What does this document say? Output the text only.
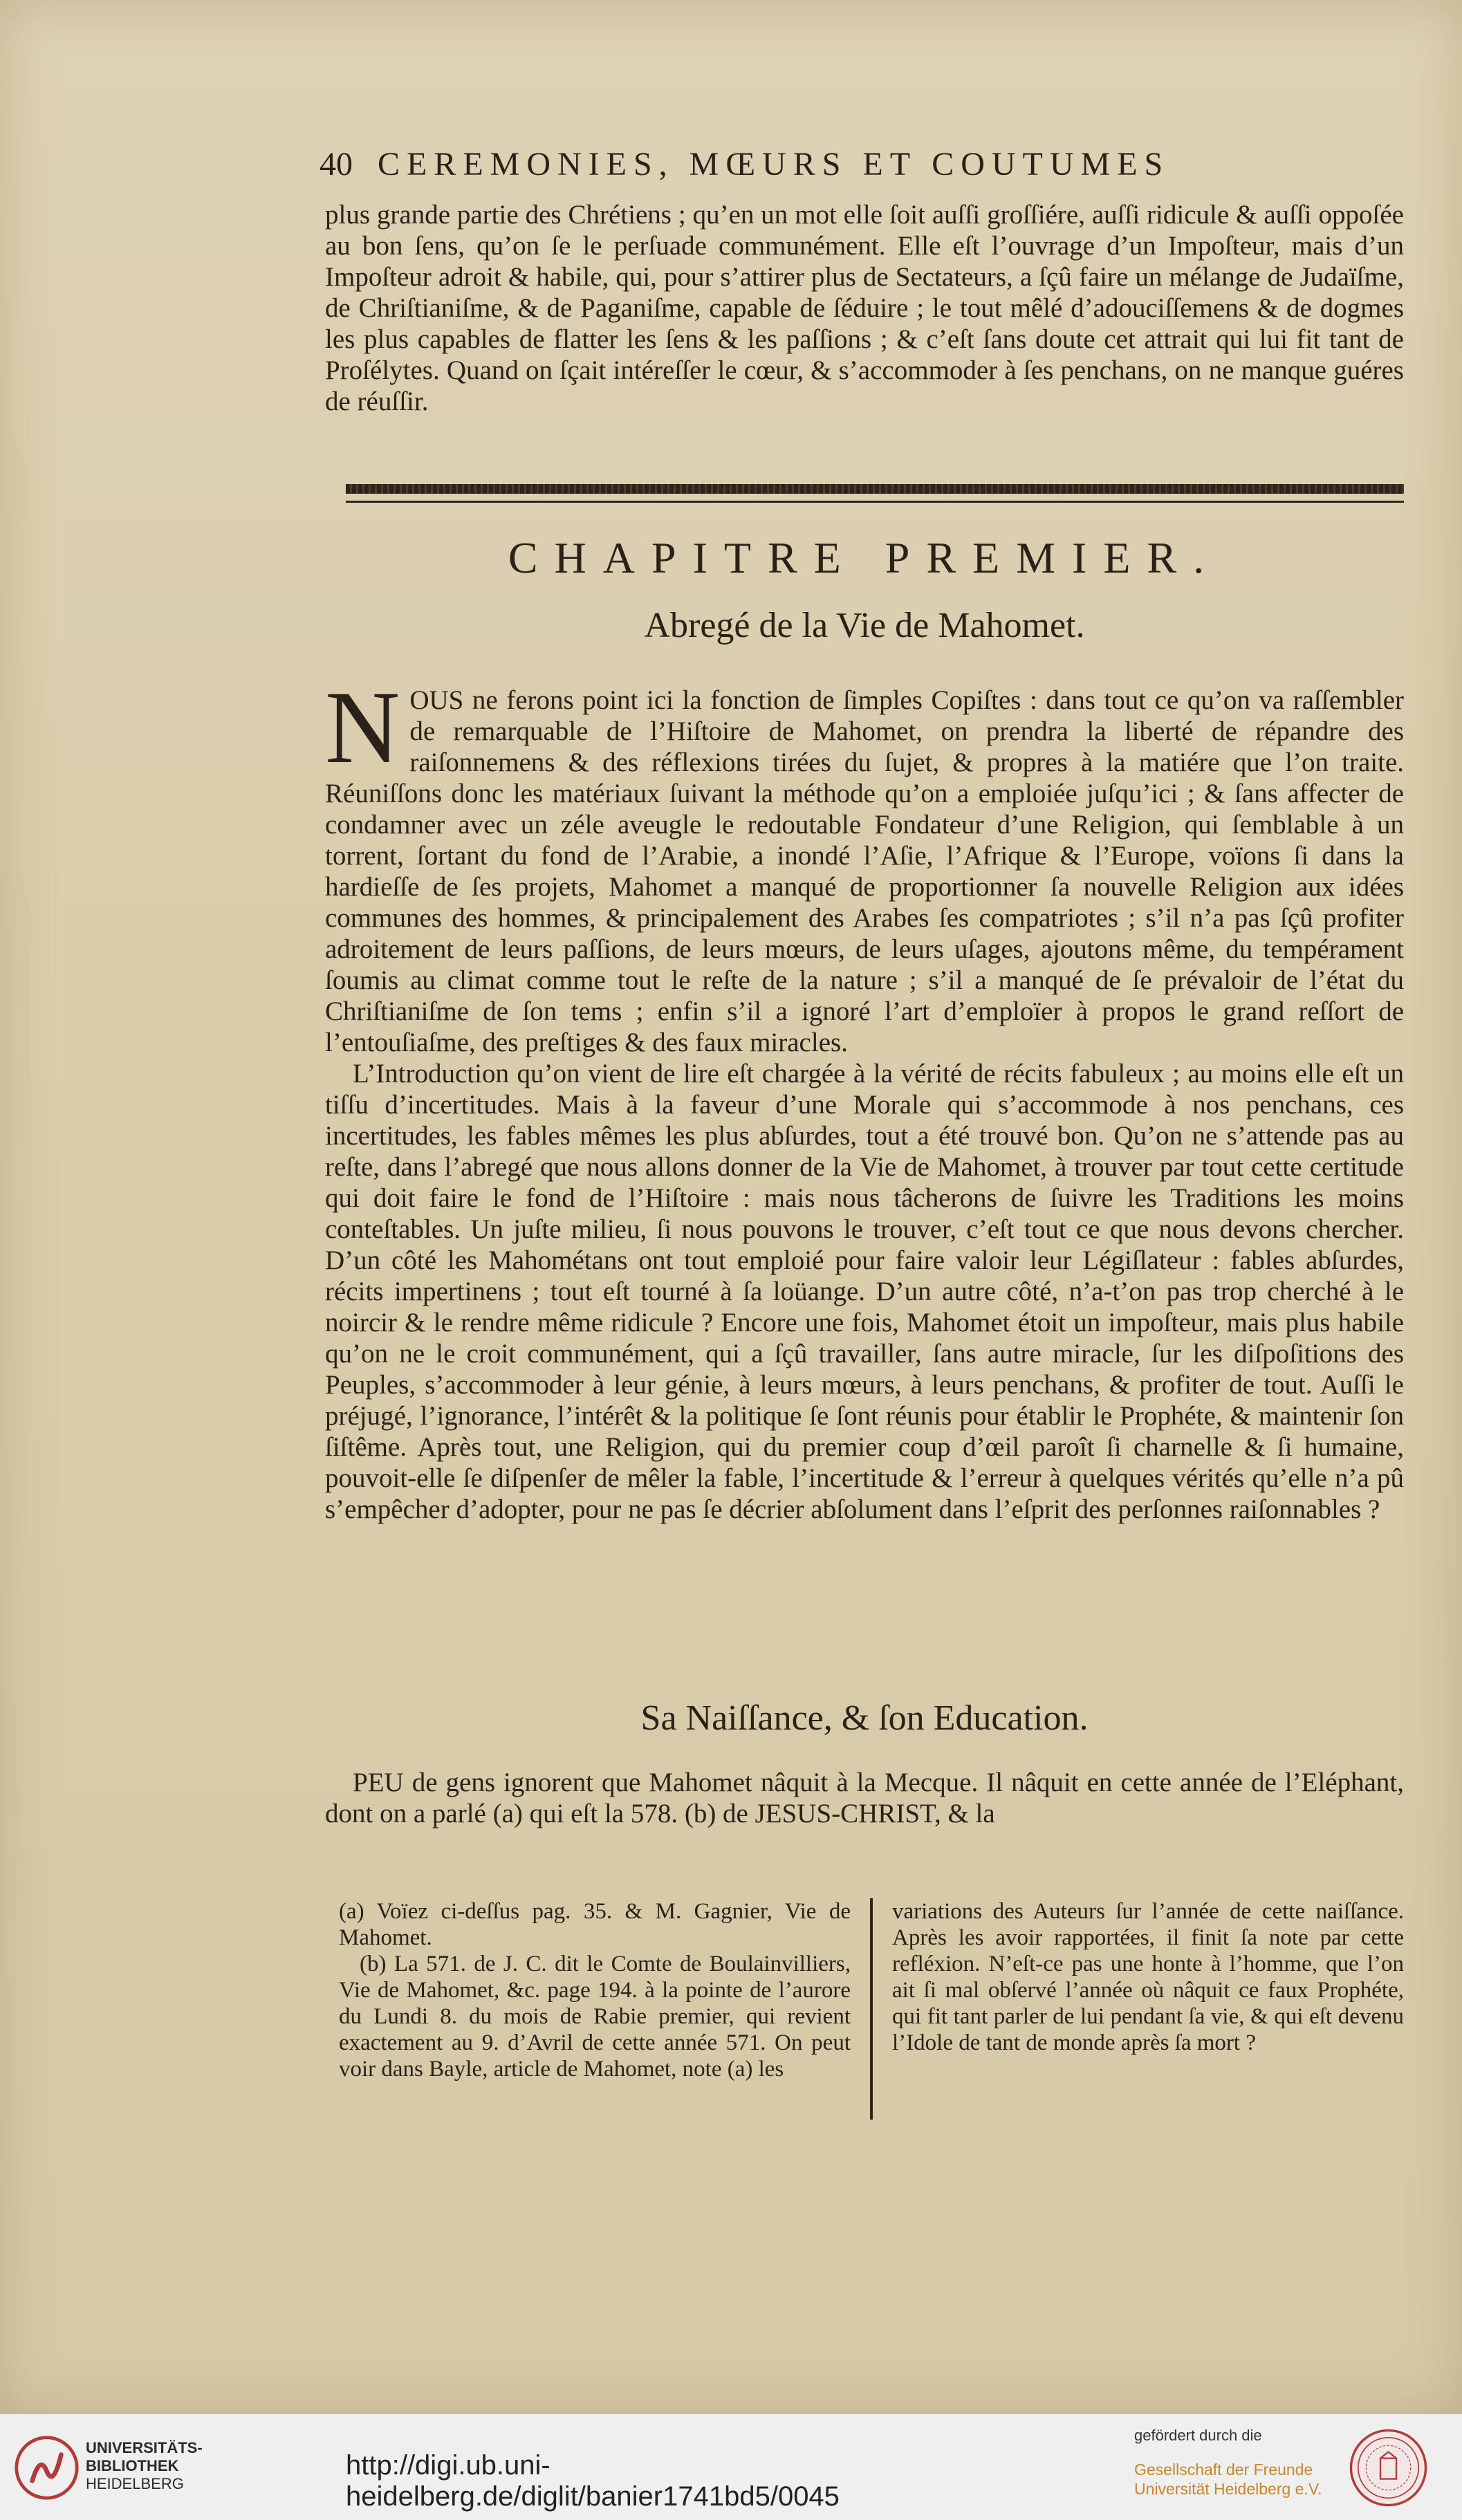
40 CEREMONIES, MŒURS ET COUTUMES

plus grande partie des Chrétiens ; qu’en un mot elle ſoit auſſi groſſiére, auſſi ridicule & auſſi oppoſée au bon ſens, qu’on ſe le perſuade communément. Elle eſt l’ouvrage d’un Impoſteur, mais d’un Impoſteur adroit & habile, qui, pour s’attirer plus de Sectateurs, a ſçû faire un mélange de Judaïſme, de Chriſtianiſme, & de Paganiſme, capable de ſéduire ; le tout mêlé d’adouciſſemens & de dogmes les plus capables de flatter les ſens & les paſſions ; & c’eſt ſans doute cet attrait qui lui fit tant de Proſélytes. Quand on ſçait intéreſſer le cœur, & s’accommoder à ſes penchans, on ne manque guéres de réuſſir.

CHAPITRE PREMIER.
Abregé de la Vie de Mahomet.

N OUS ne ferons point ici la fonction de ſimples Copiſtes : dans tout ce qu’on va raſſembler de remarquable de l’Hiſtoire de Mahomet, on prendra la liberté de répandre des raiſonnemens & des réflexions tirées du ſujet, & propres à la matiére que l’on traite. Réuniſſons donc les matériaux ſuivant la méthode qu’on a emploiée juſqu’ici ; & ſans affecter de condamner avec un zéle aveugle le redoutable Fondateur d’une Religion, qui ſemblable à un torrent, ſortant du fond de l’Arabie, a inondé l’Aſie, l’Afrique & l’Europe, voïons ſi dans la hardieſſe de ſes projets, Mahomet a manqué de proportionner ſa nouvelle Religion aux idées communes des hommes, & principalement des Arabes ſes compatriotes ; s’il n’a pas ſçû profiter adroitement de leurs paſſions, de leurs mœurs, de leurs uſages, ajoutons même, du tempérament ſoumis au climat comme tout le reſte de la nature ; s’il a manqué de ſe prévaloir de l’état du Chriſtianiſme de ſon tems ; enfin s’il a ignoré l’art d’emploïer à propos le grand reſſort de l’entouſiaſme, des preſtiges & des faux miracles.

L’Introduction qu’on vient de lire eſt chargée à la vérité de récits fabuleux ; au moins elle eſt un tiſſu d’incertitudes. Mais à la faveur d’une Morale qui s’accommode à nos penchans, ces incertitudes, les fables mêmes les plus abſurdes, tout a été trouvé bon. Qu’on ne s’attende pas au reſte, dans l’abregé que nous allons donner de la Vie de Mahomet, à trouver par tout cette certitude qui doit faire le fond de l’Hiſtoire : mais nous tâcherons de ſuivre les Traditions les moins conteſtables. Un juſte milieu, ſi nous pouvons le trouver, c’eſt tout ce que nous devons chercher. D’un côté les Mahométans ont tout emploié pour faire valoir leur Légiſlateur : fables abſurdes, récits impertinens ; tout eſt tourné à ſa loüange. D’un autre côté, n’a-t’on pas trop cherché à le noircir & le rendre même ridicule ? Encore une fois, Mahomet étoit un impoſteur, mais plus habile qu’on ne le croit communément, qui a ſçû travailler, ſans autre miracle, ſur les diſpoſitions des Peuples, s’accommoder à leur génie, à leurs mœurs, à leurs penchans, & profiter de tout. Auſſi le préjugé, l’ignorance, l’intérêt & la politique ſe ſont réunis pour établir le Prophéte, & maintenir ſon ſiſtême. Après tout, une Religion, qui du premier coup d’œil paroît ſi charnelle & ſi humaine, pouvoit-elle ſe diſpenſer de mêler la fable, l’incertitude & l’erreur à quelques vérités qu’elle n’a pû s’empêcher d’adopter, pour ne pas ſe décrier abſolument dans l’eſprit des perſonnes raiſonnables ?

Sa Naiſſance, & ſon Education.

PEU de gens ignorent que Mahomet nâquit à la Mecque. Il nâquit en cette année de l’Eléphant, dont on a parlé (a) qui eſt la 578. (b) de JESUS-CHRIST, & la

(a) Voïez ci-deſſus pag. 35. & M. Gagnier, Vie de Mahomet.

(b) La 571. de J. C. dit le Comte de Boulainvilliers, Vie de Mahomet, &c. page 194. à la pointe de l’aurore du Lundi 8. du mois de Rabie premier, qui revient exactement au 9. d’Avril de cette année 571. On peut voir dans Bayle, article de Mahomet, note (a) les

variations des Auteurs ſur l’année de cette naiſſance. Après les avoir rapportées, il finit ſa note par cette refléxion. N’eſt-ce pas une honte à l’homme, que l’on ait ſi mal obſervé l’année où nâquit ce faux Prophéte, qui fit tant parler de lui pendant ſa vie, & qui eſt devenu l’Idole de tant de monde après ſa mort ?

UNIVERSITÄTS-
BIBLIOTHEK
HEIDELBERG
http://digi.ub.uni-heidelberg.de/diglit/banier1741bd5/0045
gefördert durch die
Gesellschaft der Freunde
Universität Heidelberg e.V.
